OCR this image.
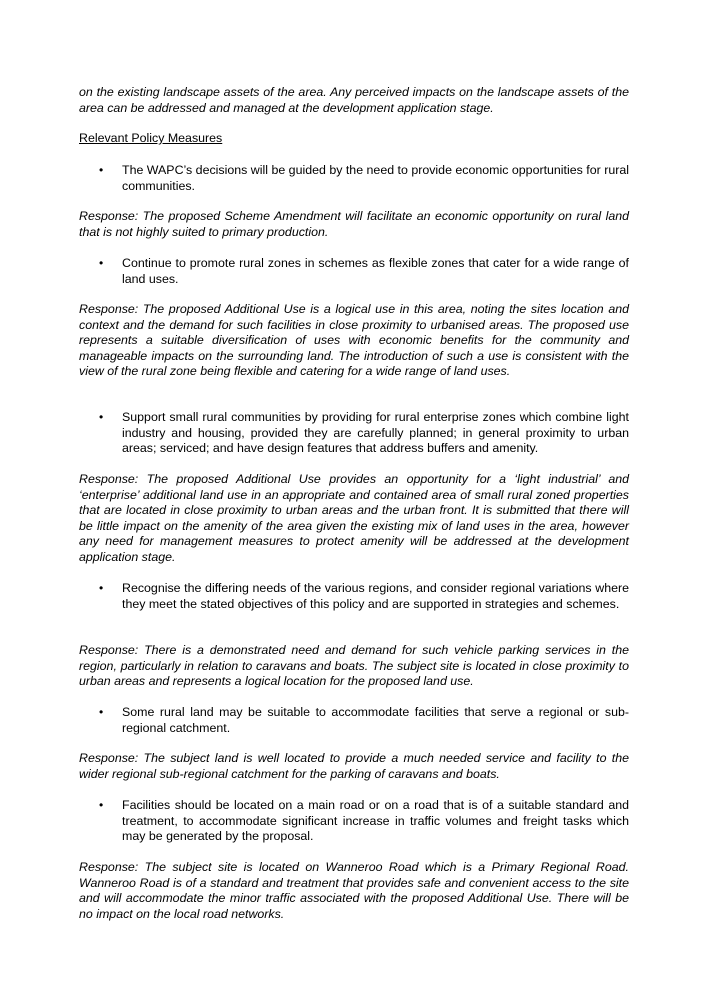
on the existing landscape assets of the area. Any perceived impacts on the landscape assets of the area can be addressed and managed at the development application stage.

Relevant Policy Measures

• The WAPC’s decisions will be guided by the need to provide economic opportunities for rural communities.

Response: The proposed Scheme Amendment will facilitate an economic opportunity on rural land that is not highly suited to primary production.

• Continue to promote rural zones in schemes as flexible zones that cater for a wide range of land uses.

Response: The proposed Additional Use is a logical use in this area, noting the sites location and context and the demand for such facilities in close proximity to urbanised areas. The proposed use represents a suitable diversification of uses with economic benefits for the community and manageable impacts on the surrounding land. The introduction of such a use is consistent with the view of the rural zone being flexible and catering for a wide range of land uses.

• Support small rural communities by providing for rural enterprise zones which combine light industry and housing, provided they are carefully planned; in general proximity to urban areas; serviced; and have design features that address buffers and amenity.

Response: The proposed Additional Use provides an opportunity for a ‘light industrial’ and ‘enterprise’ additional land use in an appropriate and contained area of small rural zoned properties that are located in close proximity to urban areas and the urban front. It is submitted that there will be little impact on the amenity of the area given the existing mix of land uses in the area, however any need for management measures to protect amenity will be addressed at the development application stage.

• Recognise the differing needs of the various regions, and consider regional variations where they meet the stated objectives of this policy and are supported in strategies and schemes.

Response: There is a demonstrated need and demand for such vehicle parking services in the region, particularly in relation to caravans and boats. The subject site is located in close proximity to urban areas and represents a logical location for the proposed land use.

• Some rural land may be suitable to accommodate facilities that serve a regional or sub-regional catchment.

Response: The subject land is well located to provide a much needed service and facility to the wider regional sub-regional catchment for the parking of caravans and boats.

• Facilities should be located on a main road or on a road that is of a suitable standard and treatment, to accommodate significant increase in traffic volumes and freight tasks which may be generated by the proposal.

Response: The subject site is located on Wanneroo Road which is a Primary Regional Road. Wanneroo Road is of a standard and treatment that provides safe and convenient access to the site and will accommodate the minor traffic associated with the proposed Additional Use. There will be no impact on the local road networks.
